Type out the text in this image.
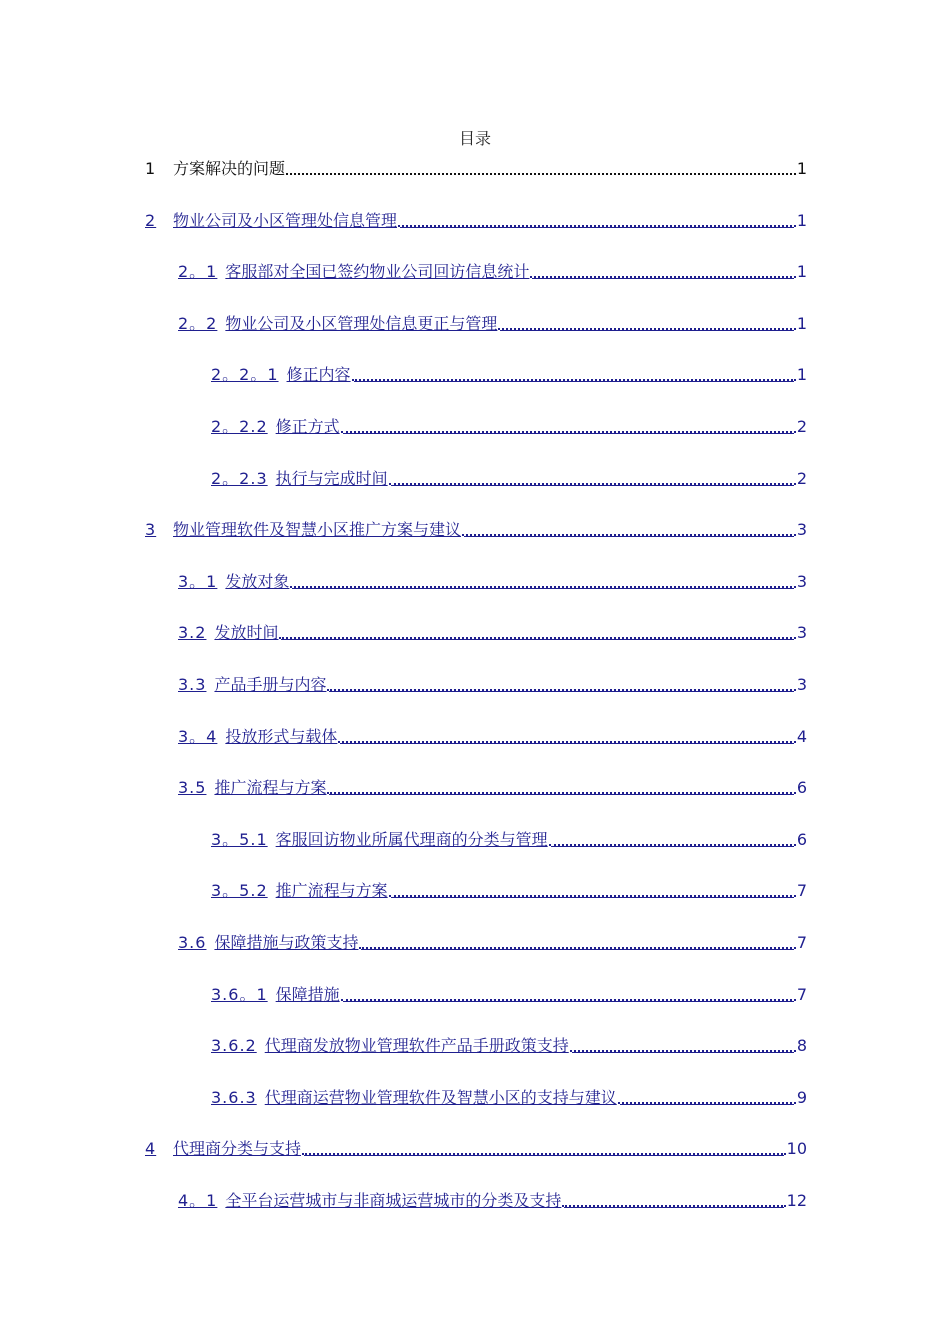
目录
1	方案解决的问题	1
2	物业公司及小区管理处信息管理	1
2。1 客服部对全国已签约物业公司回访信息统计	1
2。2 物业公司及小区管理处信息更正与管理	1
2。2。1 修正内容	1
2。2.2 修正方式	2
2。2.3 执行与完成时间	2
3	物业管理软件及智慧小区推广方案与建议	3
3。1 发放对象	3
3.2 发放时间	3
3.3 产品手册与内容	3
3。4 投放形式与载体	4
3.5 推广流程与方案	6
3。5.1 客服回访物业所属代理商的分类与管理	6
3。5.2 推广流程与方案	7
3.6 保障措施与政策支持	7
3.6。1 保障措施	7
3.6.2 代理商发放物业管理软件产品手册政策支持	8
3.6.3 代理商运营物业管理软件及智慧小区的支持与建议	9
4	代理商分类与支持	10
4。1 全平台运营城市与非商城运营城市的分类及支持	12
